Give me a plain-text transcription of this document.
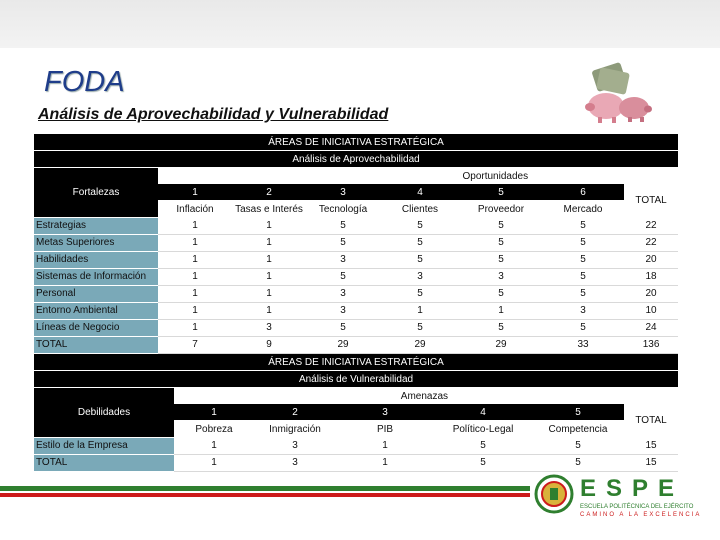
FODA
Análisis de Aprovechabilidad y Vulnerabilidad
ÁREAS DE INICIATIVA ESTRATÉGICA							
Análisis de Aprovechabilidad							
Fortalezas	Oportunidades						
	1	2	3	4	5	6	TOTAL
	Inflación	Tasas e Interés	Tecnología	Clientes	Proveedor	Mercado	
Estrategias	1	1	5	5	5	5	22
Metas Superiores	1	1	5	5	5	5	22
Habilidades	1	1	3	5	5	5	20
Sistemas de Información	1	1	5	3	3	5	18
Personal	1	1	3	5	5	5	20
Entorno Ambiental	1	1	3	1	1	3	10
Líneas de Negocio	1	3	5	5	5	5	24
TOTAL	7	9	29	29	29	33	136
ÁREAS DE INICIATIVA ESTRATÉGICA						
Análisis de Vulnerabilidad						
Debilidades	Amenazas					
	1	2	3	4	5	TOTAL
	Pobreza	Inmigración	PIB	Político-Legal	Competencia	
Estilo de la Empresa	1	3	1	5	5	15
TOTAL	1	3	1	5	5	15
ESPE
ESCUELA POLITÉCNICA DEL EJÉRCITO
CAMINO A LA EXCELENCIA
